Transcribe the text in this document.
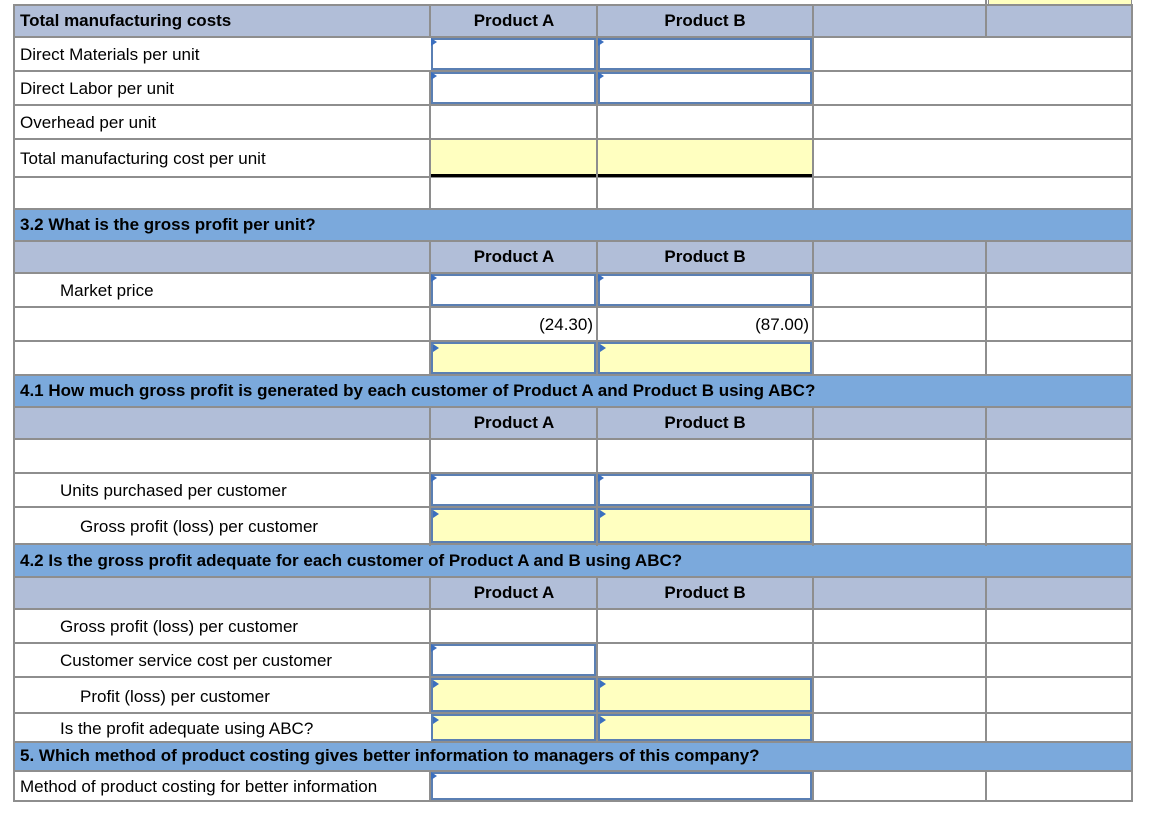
Total manufacturing costs	Product A	Product B
Direct Materials per unit
Direct Labor per unit
Overhead per unit
Total manufacturing cost per unit
3.2 What is the gross profit per unit?
Product A	Product B
Market price
(24.30)	(87.00)
4.1 How much gross profit is generated by each customer of Product A and Product B using ABC?
Product A	Product B
Units purchased per customer
Gross profit (loss) per customer
4.2 Is the gross profit adequate for each customer of Product A and B using ABC?
Product A	Product B
Gross profit (loss) per customer
Customer service cost per customer
Profit (loss) per customer
Is the profit adequate using ABC?
5. Which method of product costing gives better information to managers of this company?
Method of product costing for better information
